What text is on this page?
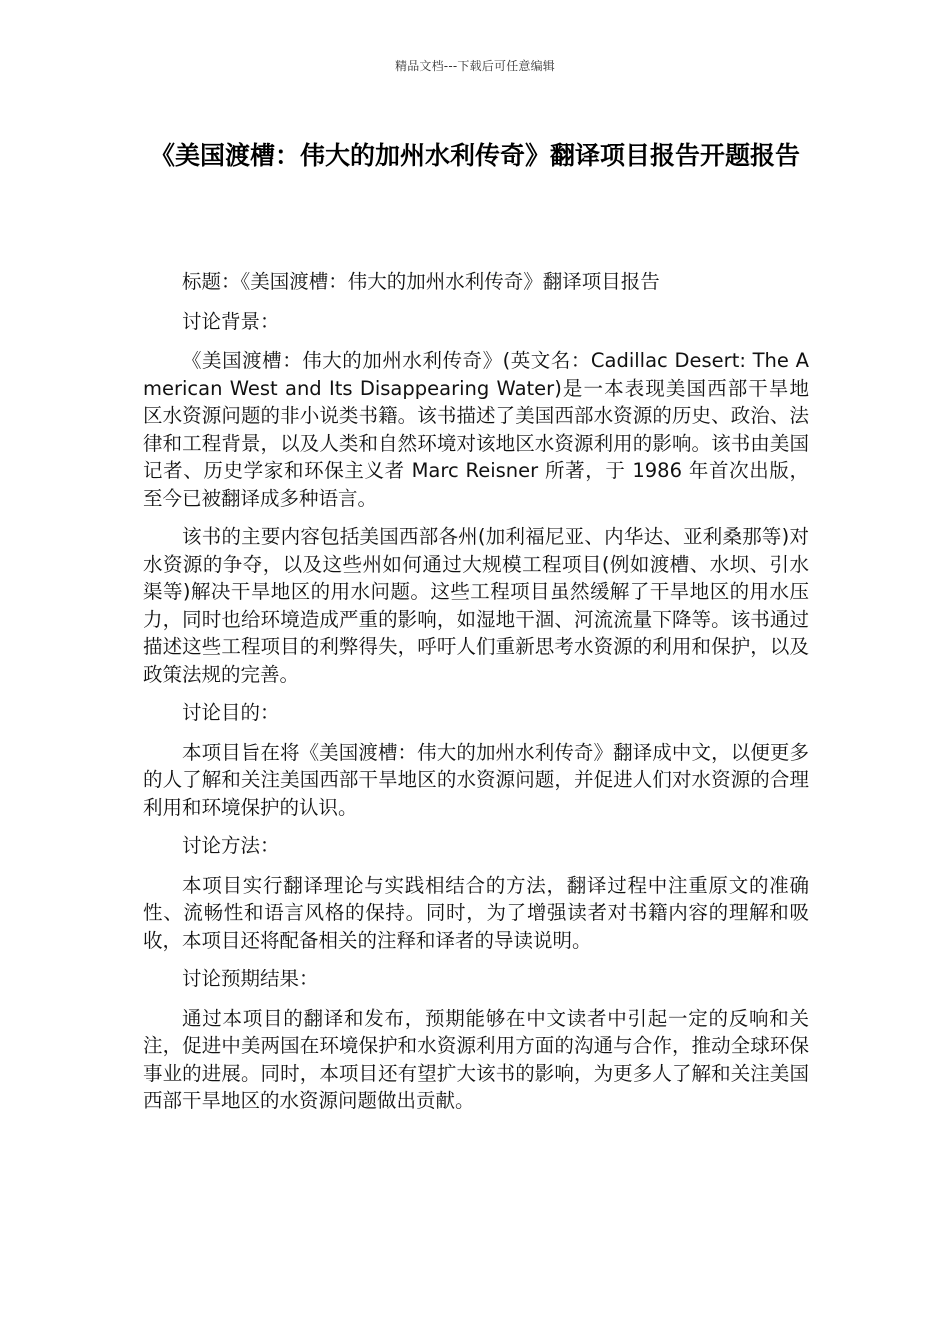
精品文档---下载后可任意编辑
《美国渡槽：伟大的加州水利传奇》翻译项目报告开题报告

标题：《美国渡槽：伟大的加州水利传奇》翻译项目报告

讨论背景：

《美国渡槽：伟大的加州水利传奇》(英文名：Cadillac Desert: The American West and Its Disappearing Water)是一本表现美国西部干旱地区水资源问题的非小说类书籍。该书描述了美国西部水资源的历史、政治、法律和工程背景，以及人类和自然环境对该地区水资源利用的影响。该书由美国记者、历史学家和环保主义者 Marc Reisner 所著，于 1986 年首次出版，至今已被翻译成多种语言。

该书的主要内容包括美国西部各州(加利福尼亚、内华达、亚利桑那等)对水资源的争夺，以及这些州如何通过大规模工程项目(例如渡槽、水坝、引水渠等)解决干旱地区的用水问题。这些工程项目虽然缓解了干旱地区的用水压力，同时也给环境造成严重的影响，如湿地干涸、河流流量下降等。该书通过描述这些工程项目的利弊得失，呼吁人们重新思考水资源的利用和保护，以及政策法规的完善。

讨论目的：

本项目旨在将《美国渡槽：伟大的加州水利传奇》翻译成中文，以便更多的人了解和关注美国西部干旱地区的水资源问题，并促进人们对水资源的合理利用和环境保护的认识。

讨论方法：

本项目实行翻译理论与实践相结合的方法，翻译过程中注重原文的准确性、流畅性和语言风格的保持。同时，为了增强读者对书籍内容的理解和吸收，本项目还将配备相关的注释和译者的导读说明。

讨论预期结果：

通过本项目的翻译和发布，预期能够在中文读者中引起一定的反响和关注，促进中美两国在环境保护和水资源利用方面的沟通与合作，推动全球环保事业的进展。同时，本项目还有望扩大该书的影响，为更多人了解和关注美国西部干旱地区的水资源问题做出贡献。
